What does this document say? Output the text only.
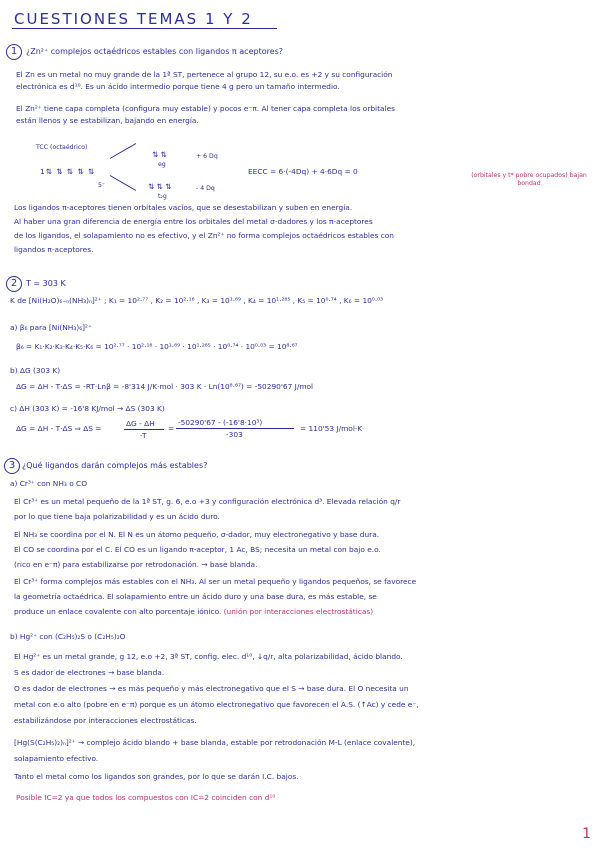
CUESTIONES TEMAS 1 Y 2
1	¿Zn²⁺ complejos octaédricos estables con ligandos π aceptores?
El Zn es un metal no muy grande de la 1ª ST, pertenece al grupo 12, su e.o. es +2 y su configuración
electrónica es d¹⁰. Es un ácido intermedio porque tiene 4 g pero un tamaño intermedio.
El Zn²⁺ tiene capa completa (configura muy estable) y pocos e⁻π. Al tener capa completa los orbitales
están llenos y se estabilizan, bajando en energía.
TCC (octaédrico)
1⇅ ⇅ ⇅ ⇅ ⇅
5⁻
⇅ ⇅
eg
+ 6 Dq
⇅ ⇅ ⇅
t₂g
- 4 Dq
EECC = 6·(-4Dq) + 4·6Dq = 0	(orbitales y t* pobre ocupados) bajan bondad
Los ligandos π-aceptores tienen orbitales vacíos, que se desestabilizan y suben en energía.
Al haber una gran diferencia de energía entre los orbitales del metal σ-dadores y los π-aceptores
de los ligandos, el solapamiento no es efectivo, y el Zn²⁺ no forma complejos octaédricos estables con
ligandos π-aceptores.
2	T = 303 K
K de [Ni(H₂O)₆₋ₙ(NH₃)ₙ]²⁺ ; K₁ = 10²·⁷⁷ , K₂ = 10²·¹⁶ , K₃ = 10¹·⁶⁹ , K₄ = 10¹·²⁸⁵ , K₅ = 10⁰·⁷⁴ , K₆ = 10⁰·⁰³
a) β₆ para [Ni(NH₃)₆]²⁺
β₆ = K₁·K₂·K₃·K₄·K₅·K₆ = 10²·⁷⁷ · 10²·¹⁶ · 10¹·⁶⁹ · 10¹·²⁸⁵ · 10⁰·⁷⁴ · 10⁰·⁰³ = 10⁸·⁶⁷
b) ΔG (303 K)
ΔG = ΔH - T·ΔS = -RT·Lnβ = -8'314 J/K·mol · 303 K · Ln(10⁸·⁶⁷) = -50290'67 J/mol
c) ΔH (303 K) = -16'8 KJ/mol → ΔS (303 K)
ΔG = ΔH - T·ΔS ⇒ ΔS =
ΔG - ΔH
-T
=
-50290'67 - (-16'8·10³)
-303
= 110'53 J/mol·K
3 ¿Qué ligandos darán complejos más estables?
a) Cr³⁺ con NH₃ o CO
El Cr³⁺ es un metal pequeño de la 1ª ST, g. 6, e.o +3 y configuración electrónica d³. Elevada relación q/r
por lo que tiene baja polarizabilidad y es un ácido duro.
El NH₃ se coordina por el N. El N es un átomo pequeño, σ-dador, muy electronegativo y base dura.
El CO se coordina por el C. El CO es un ligando π-aceptor, 1 Ac, BS; necesita un metal con bajo e.o.
(rico en e⁻π) para estabilizarse por retrodonación. → base blanda.
El Cr³⁺ forma complejos más estables con el NH₃. Al ser un metal pequeño y ligandos pequeños, se favorece
la geometría octaédrica. El solapamiento entre un ácido duro y una base dura, es más estable, se
produce un enlace covalente con alto porcentaje iónico. (unión por interacciones electrostáticas)
b) Hg²⁺ con (C₂H₅)₂S o (C₂H₅)₂O
El Hg²⁺ es un metal grande, g 12, e.o +2, 3ª ST, config. elec. d¹⁰, ↓q/r, alta polarizabilidad, ácido blando.
S es dador de electrones → base blanda.
O es dador de electrones → es más pequeño y más electronegativo que el S → base dura. El O necesita un
metal con e.o alto (pobre en e⁻π) porque es un átomo electronegativo que favorecen el A.S. (↑Ac) y cede e⁻,
estabilizándose por interacciones electrostáticas.
[Hg(S(C₂H₅)₂)ₙ]²⁺ → complejo ácido blando + base blanda, estable por retrodonación M-L (enlace covalente),
solapamiento efectivo.
Tanto el metal como los ligandos son grandes, por lo que se darán I.C. bajos.
Posible IC=2 ya que todos los compuestos con IC=2 coinciden con d¹⁰
1
